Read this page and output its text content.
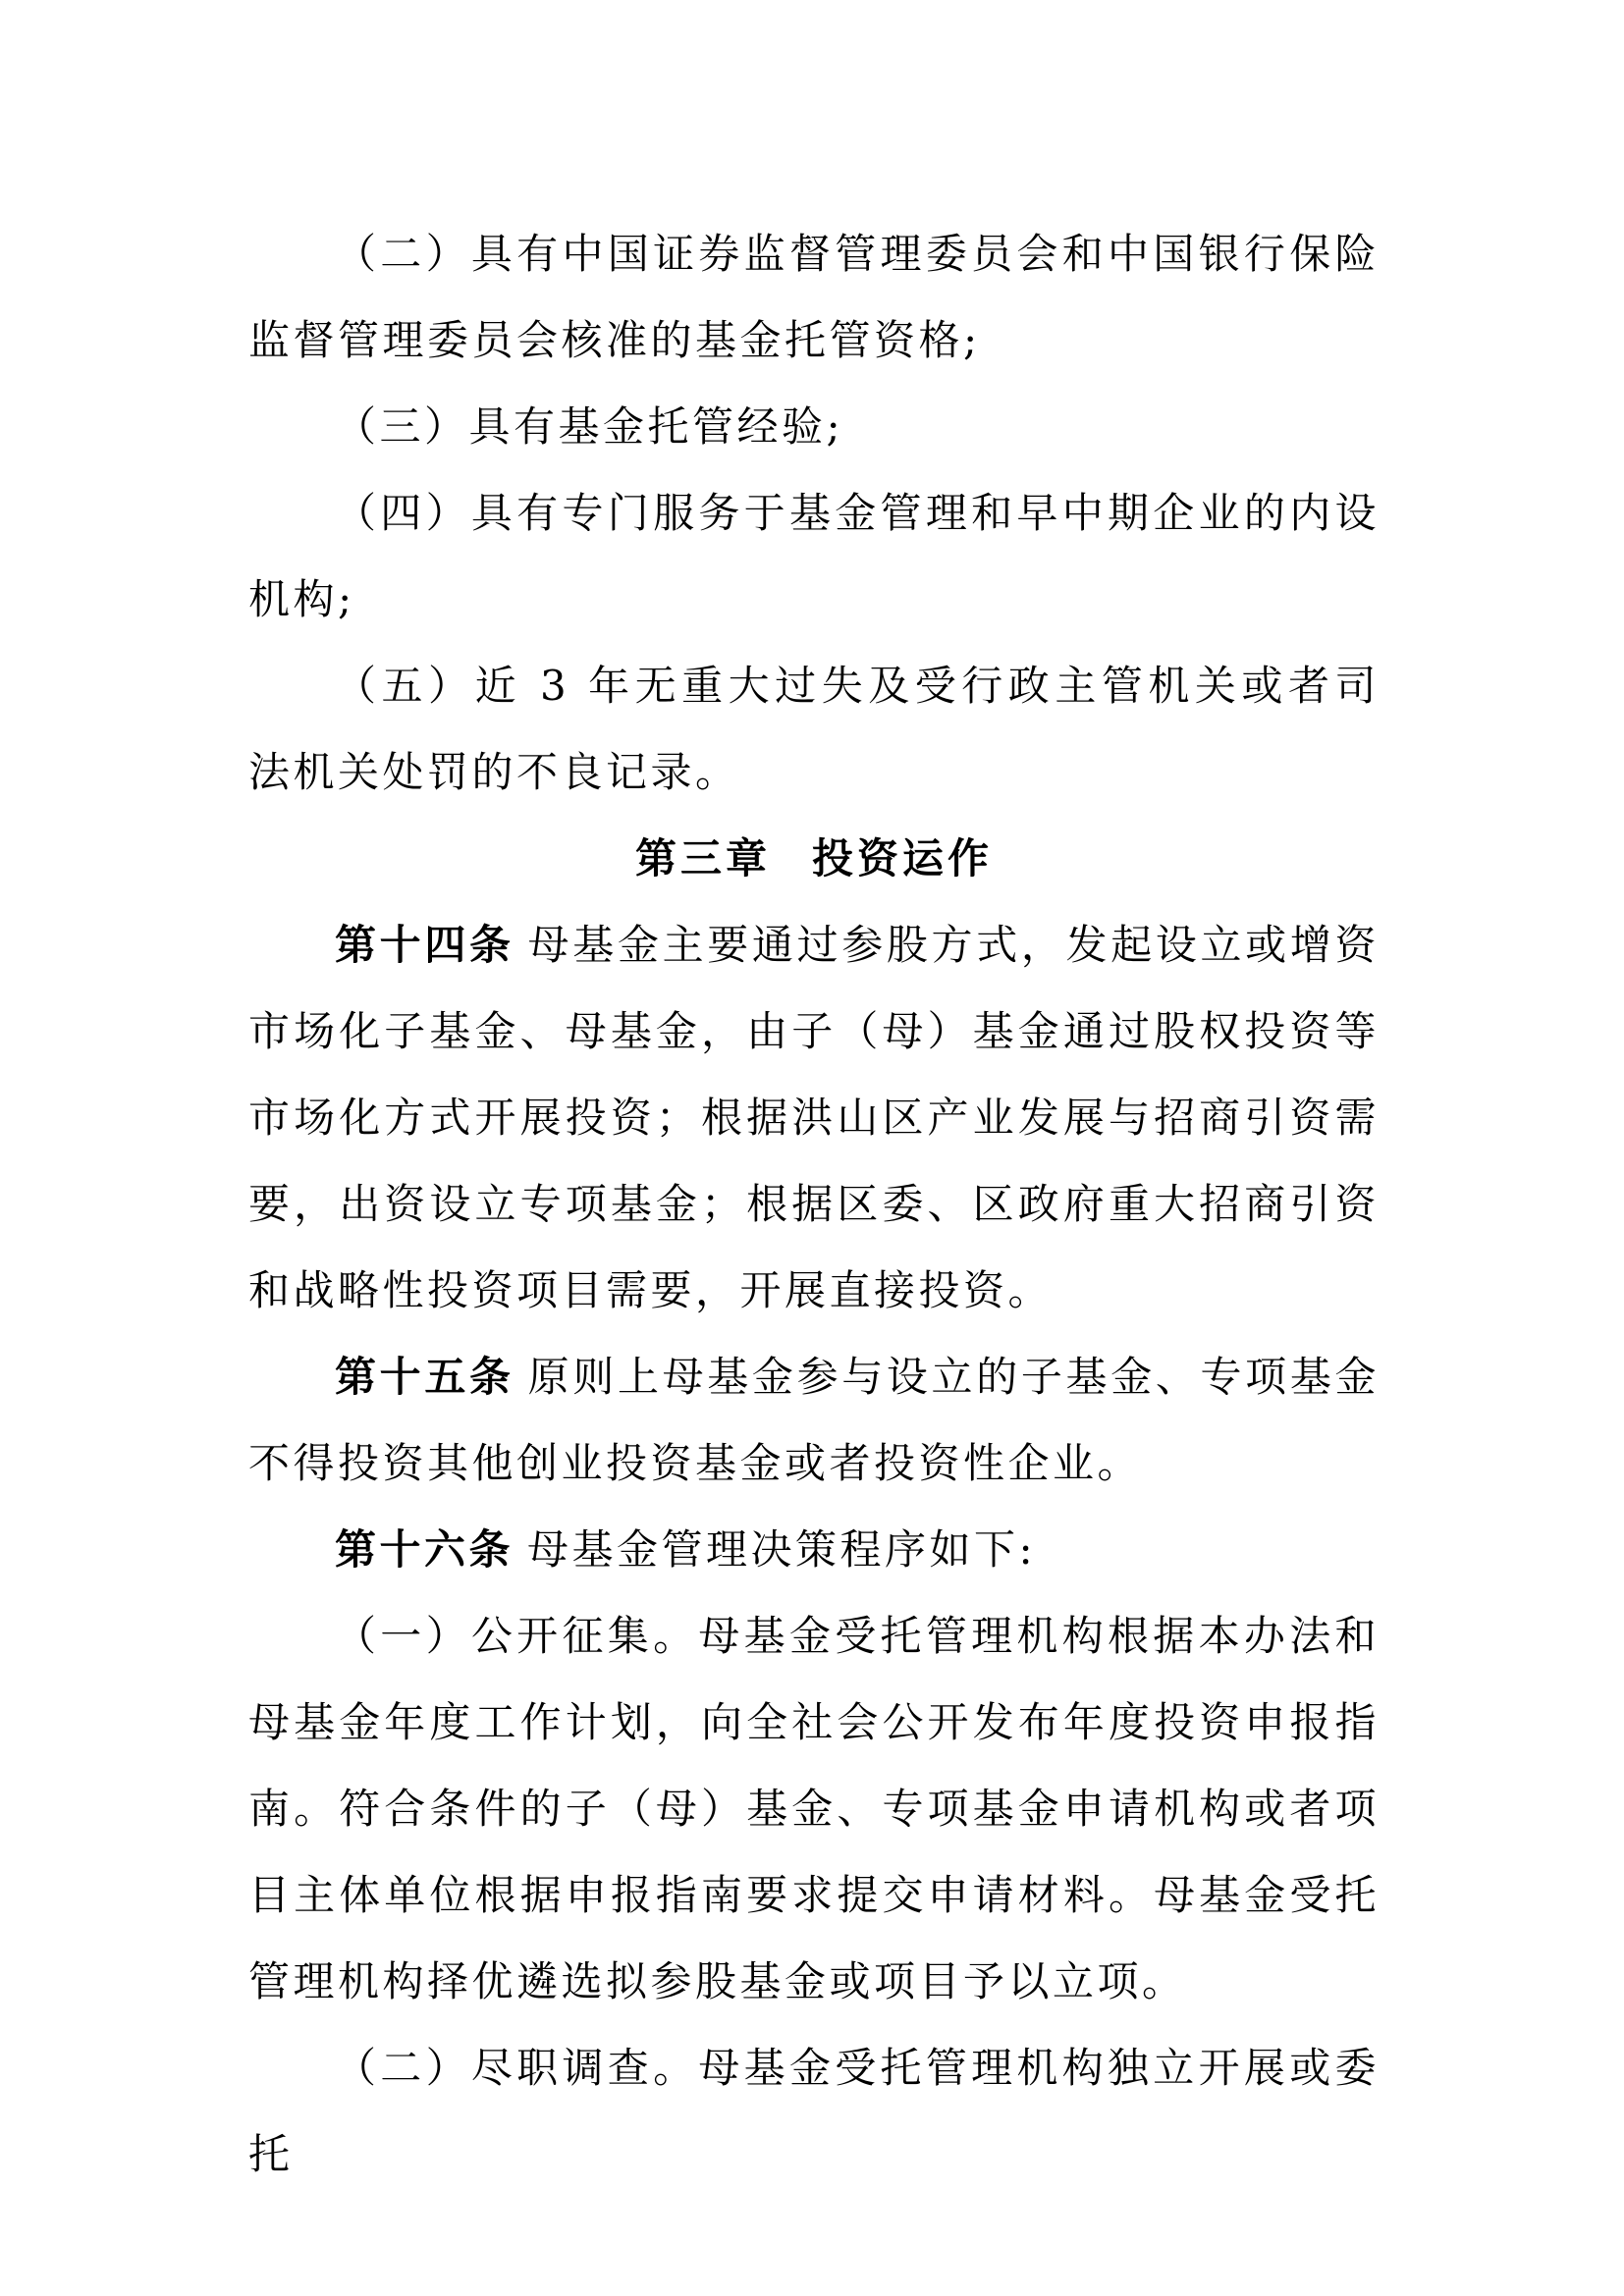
（二）具有中国证券监督管理委员会和中国银行保险监督管理委员会核准的基金托管资格;

（三）具有基金托管经验;

（四）具有专门服务于基金管理和早中期企业的内设机构;

（五）近 3 年无重大过失及受行政主管机关或者司法机关处罚的不良记录。

第三章 投资运作

第十四条 母基金主要通过参股方式，发起设立或增资市场化子基金、母基金，由子（母）基金通过股权投资等市场化方式开展投资；根据洪山区产业发展与招商引资需要，出资设立专项基金；根据区委、区政府重大招商引资和战略性投资项目需要，开展直接投资。

第十五条 原则上母基金参与设立的子基金、专项基金不得投资其他创业投资基金或者投资性企业。

第十六条 母基金管理决策程序如下:

（一）公开征集。母基金受托管理机构根据本办法和母基金年度工作计划，向全社会公开发布年度投资申报指南。符合条件的子（母）基金、专项基金申请机构或者项目主体单位根据申报指南要求提交申请材料。母基金受托管理机构择优遴选拟参股基金或项目予以立项。

（二）尽职调查。母基金受托管理机构独立开展或委托
